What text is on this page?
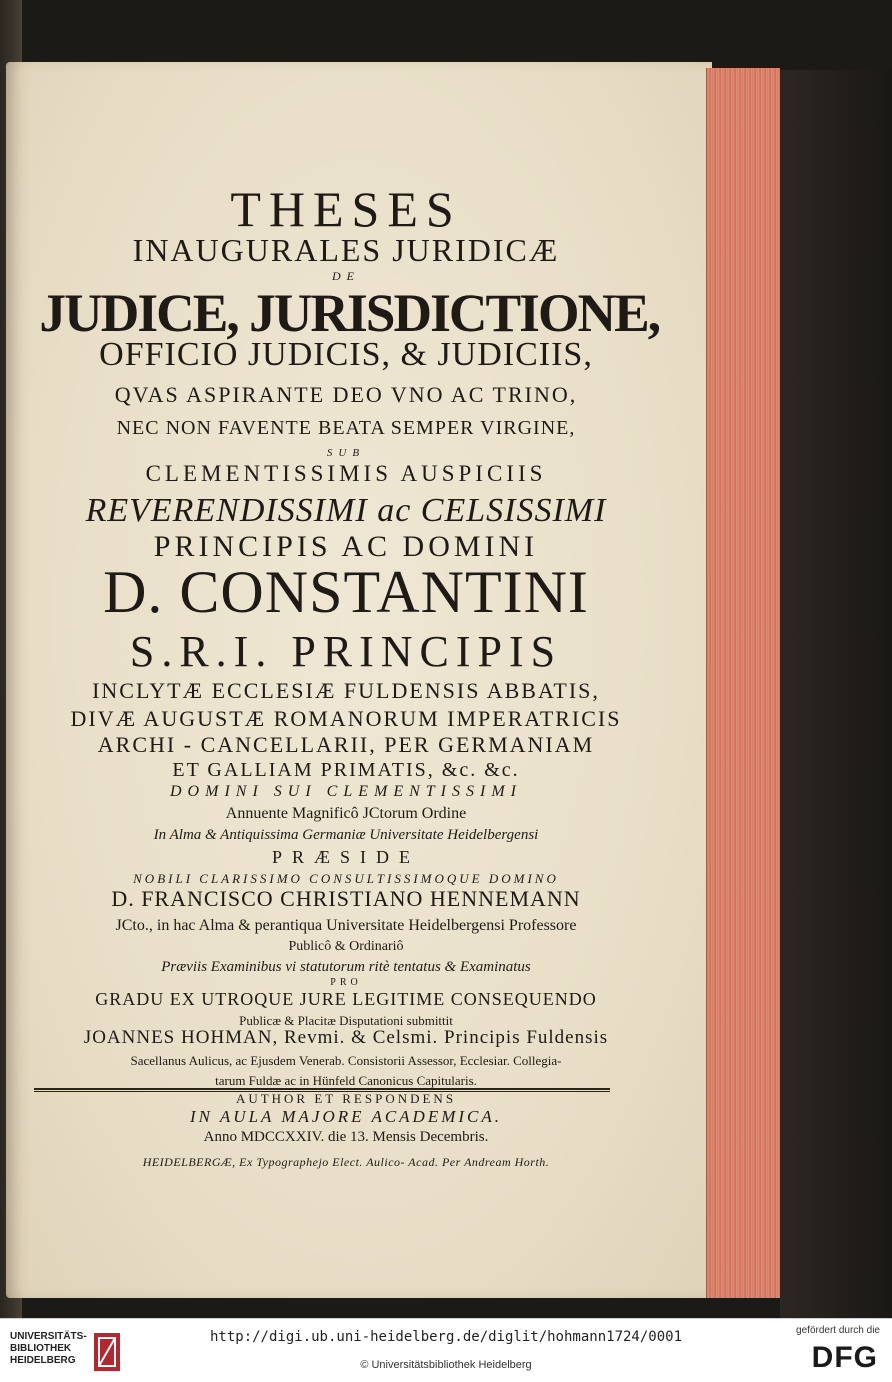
THESES
INAUGURALES JURIDICÆ
DE
JUDICE, JURISDICTIONE,
OFFICIO JUDICIS, & JUDICIIS,
QVAS ASPIRANTE DEO VNO AC TRINO,
NEC NON FAVENTE BEATA SEMPER VIRGINE,
SUB
CLEMENTISSIMIS AUSPICIIS
REVERENDISSIMI ac CELSISSIMI
PRINCIPIS AC DOMINI
D. CONSTANTINI
S.R.I. PRINCIPIS
INCLYTÆ ECCLESIÆ FULDENSIS ABBATIS,
DIVÆ AUGUSTÆ ROMANORUM IMPERATRICIS
ARCHI - CANCELLARII, PER GERMANIAM
ET GALLIAM PRIMATIS, &c. &c.
DOMINI SUI CLEMENTISSIMI
Annuente Magnificô JCtorum Ordine
In Alma & Antiquissima Germaniæ Universitate Heidelbergensi
PRÆSIDE
NOBILI CLARISSIMO CONSULTISSIMOQUE DOMINO
D. FRANCISCO CHRISTIANO HENNEMANN
JCto., in hac Alma & perantiqua Universitate Heidelbergensi Professore
Publicô & Ordinariô
Præviis Examinibus vi statutorum ritè tentatus & Examinatus
PRO
GRADU EX UTROQUE JURE LEGITIME CONSEQUENDO
Publicæ & Placitæ Disputationi submittit
JOANNES HOHMAN, Revmi. & Celsmi. Principis Fuldensis
Sacellanus Aulicus, ac Ejusdem Venerab. Consistorii Assessor, Ecclesiar. Collegia-
tarum Fuldæ ac in Hünfeld Canonicus Capitularis.
AUTHOR ET RESPONDENS
IN AULA MAJORE ACADEMICA.
Anno MDCCXXIV. die 13. Mensis Decembris.
HEIDELBERGÆ, Ex Typographejo Elect. Aulico- Acad. Per Andream Horth.
UNIVERSITÄTS-
BIBLIOTHEK
HEIDELBERG
http://digi.ub.uni-heidelberg.de/diglit/hohmann1724/0001
© Universitätsbibliothek Heidelberg
gefördert durch die
DFG
